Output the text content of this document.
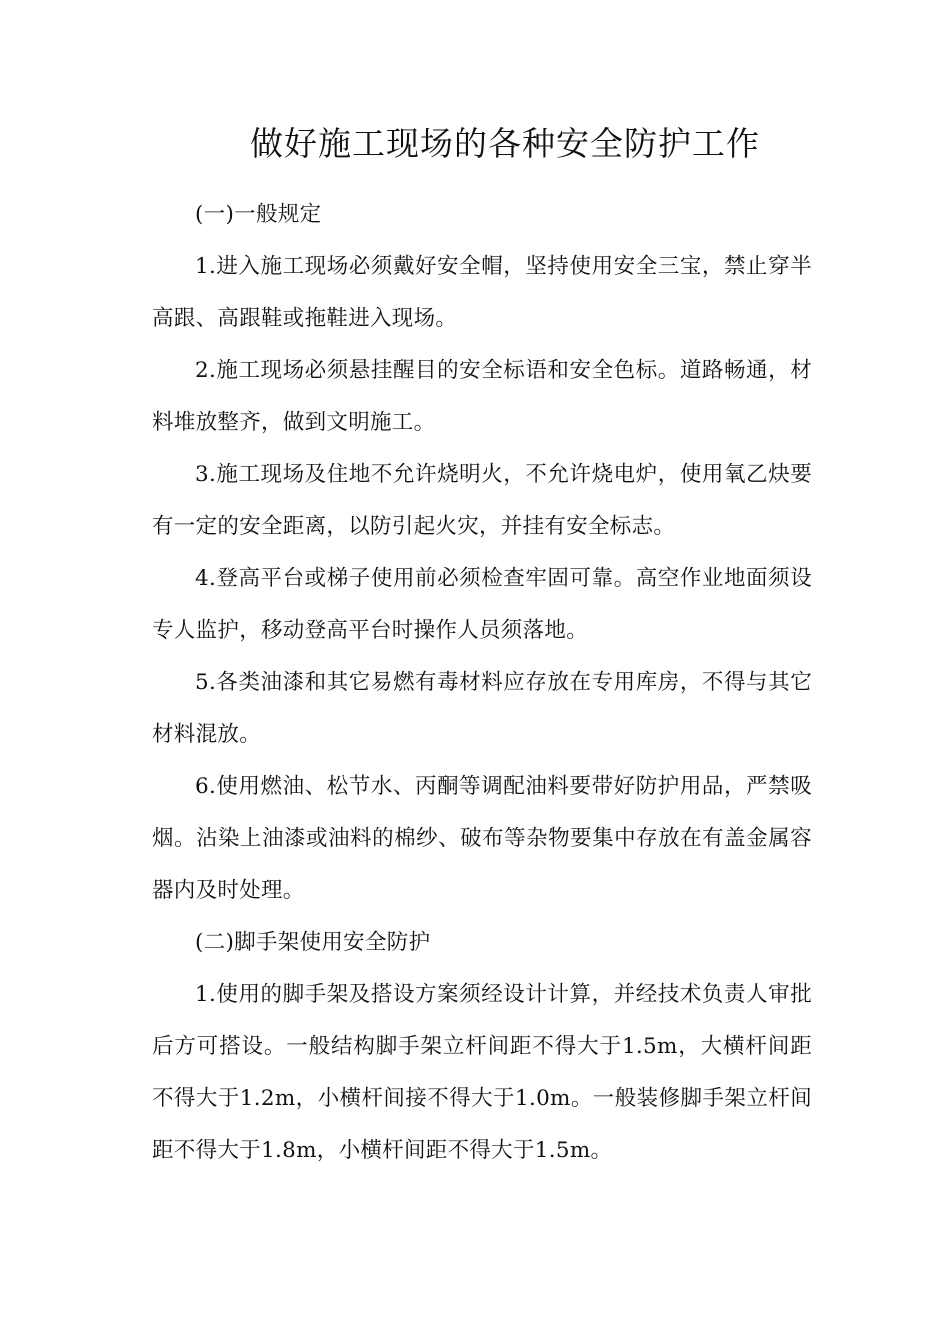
做好施工现场的各种安全防护工作

(一)一般规定

1.进入施工现场必须戴好安全帽，坚持使用安全三宝，禁止穿半高跟、高跟鞋或拖鞋进入现场。

2.施工现场必须悬挂醒目的安全标语和安全色标。道路畅通，材料堆放整齐，做到文明施工。

3.施工现场及住地不允许烧明火，不允许烧电炉，使用氧乙炔要有一定的安全距离，以防引起火灾，并挂有安全标志。

4.登高平台或梯子使用前必须检查牢固可靠。高空作业地面须设专人监护，移动登高平台时操作人员须落地。

5.各类油漆和其它易燃有毒材料应存放在专用库房，不得与其它材料混放。

6.使用燃油、松节水、丙酮等调配油料要带好防护用品，严禁吸烟。沾染上油漆或油料的棉纱、破布等杂物要集中存放在有盖金属容器内及时处理。

(二)脚手架使用安全防护

1.使用的脚手架及搭设方案须经设计计算，并经技术负责人审批后方可搭设。一般结构脚手架立杆间距不得大于1.5m，大横杆间距不得大于1.2m，小横杆间接不得大于1.0m。一般装修脚手架立杆间距不得大于1.8m，小横杆间距不得大于1.5m。
